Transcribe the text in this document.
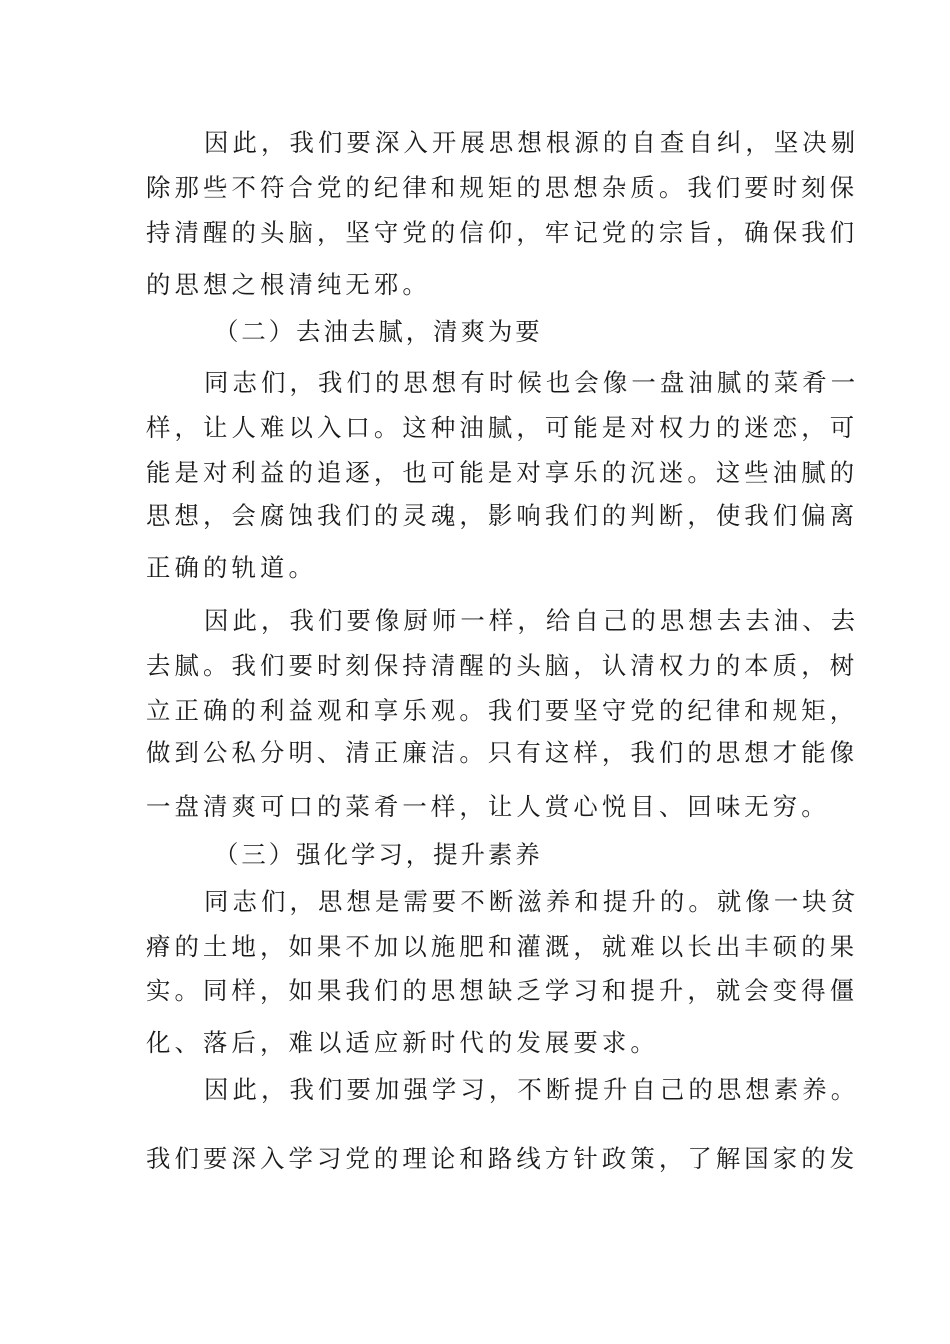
因此，我们要深入开展思想根源的自查自纠，坚决剔
除那些不符合党的纪律和规矩的思想杂质。我们要时刻保
持清醒的头脑，坚守党的信仰，牢记党的宗旨，确保我们
的思想之根清纯无邪。
（二）去油去腻，清爽为要
同志们，我们的思想有时候也会像一盘油腻的菜肴一
样，让人难以入口。这种油腻，可能是对权力的迷恋，可
能是对利益的追逐，也可能是对享乐的沉迷。这些油腻的
思想，会腐蚀我们的灵魂，影响我们的判断，使我们偏离
正确的轨道。
因此，我们要像厨师一样，给自己的思想去去油、去
去腻。我们要时刻保持清醒的头脑，认清权力的本质，树
立正确的利益观和享乐观。我们要坚守党的纪律和规矩，
做到公私分明、清正廉洁。只有这样，我们的思想才能像
一盘清爽可口的菜肴一样，让人赏心悦目、回味无穷。
（三）强化学习，提升素养
同志们，思想是需要不断滋养和提升的。就像一块贫
瘠的土地，如果不加以施肥和灌溉，就难以长出丰硕的果
实。同样，如果我们的思想缺乏学习和提升，就会变得僵
化、落后，难以适应新时代的发展要求。
因此，我们要加强学习，不断提升自己的思想素养。
我们要深入学习党的理论和路线方针政策，了解国家的发
